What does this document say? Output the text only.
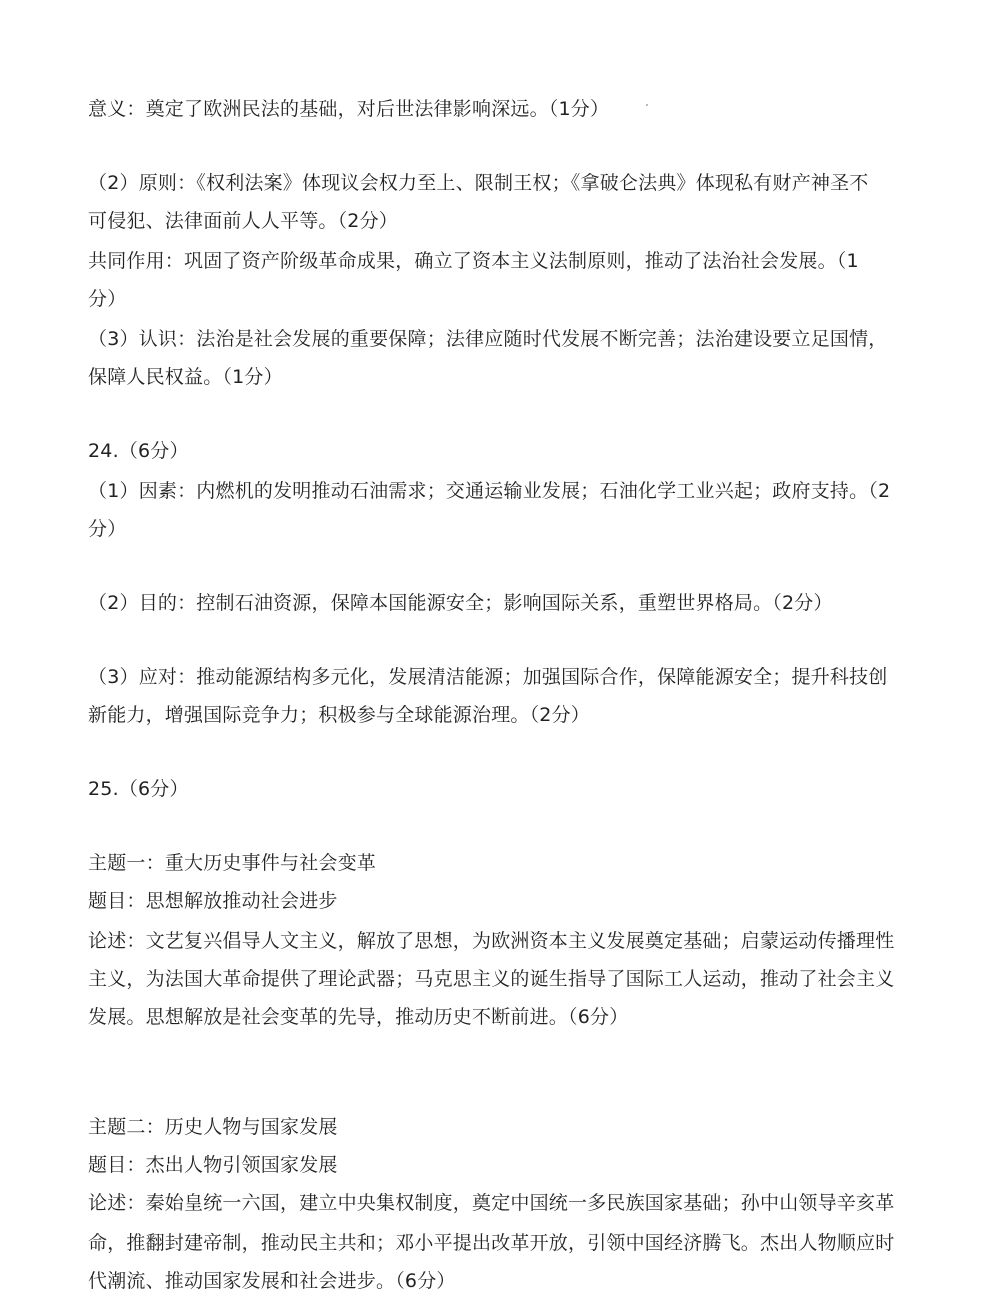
意义：奠定了欧洲民法的基础，对后世法律影响深远。（1分）
（2）原则：《权利法案》体现议会权力至上、限制王权；《拿破仑法典》体现私有财产神圣不
可侵犯、法律面前人人平等。（2分）
共同作用：巩固了资产阶级革命成果，确立了资本主义法制原则，推动了法治社会发展。（1
分）
（3）认识：法治是社会发展的重要保障；法律应随时代发展不断完善；法治建设要立足国情，
保障人民权益。（1分）
24.（6分）
（1）因素：内燃机的发明推动石油需求；交通运输业发展；石油化学工业兴起；政府支持。（2
分）
（2）目的：控制石油资源，保障本国能源安全；影响国际关系，重塑世界格局。（2分）
（3）应对：推动能源结构多元化，发展清洁能源；加强国际合作，保障能源安全；提升科技创
新能力，增强国际竞争力；积极参与全球能源治理。（2分）
25.（6分）
主题一：重大历史事件与社会变革
题目：思想解放推动社会进步
论述：文艺复兴倡导人文主义，解放了思想，为欧洲资本主义发展奠定基础；启蒙运动传播理性
主义，为法国大革命提供了理论武器；马克思主义的诞生指导了国际工人运动，推动了社会主义
发展。思想解放是社会变革的先导，推动历史不断前进。（6分）
主题二：历史人物与国家发展
题目：杰出人物引领国家发展
论述：秦始皇统一六国，建立中央集权制度，奠定中国统一多民族国家基础；孙中山领导辛亥革
命，推翻封建帝制，推动民主共和；邓小平提出改革开放，引领中国经济腾飞。杰出人物顺应时
代潮流、推动国家发展和社会进步。（6分）
